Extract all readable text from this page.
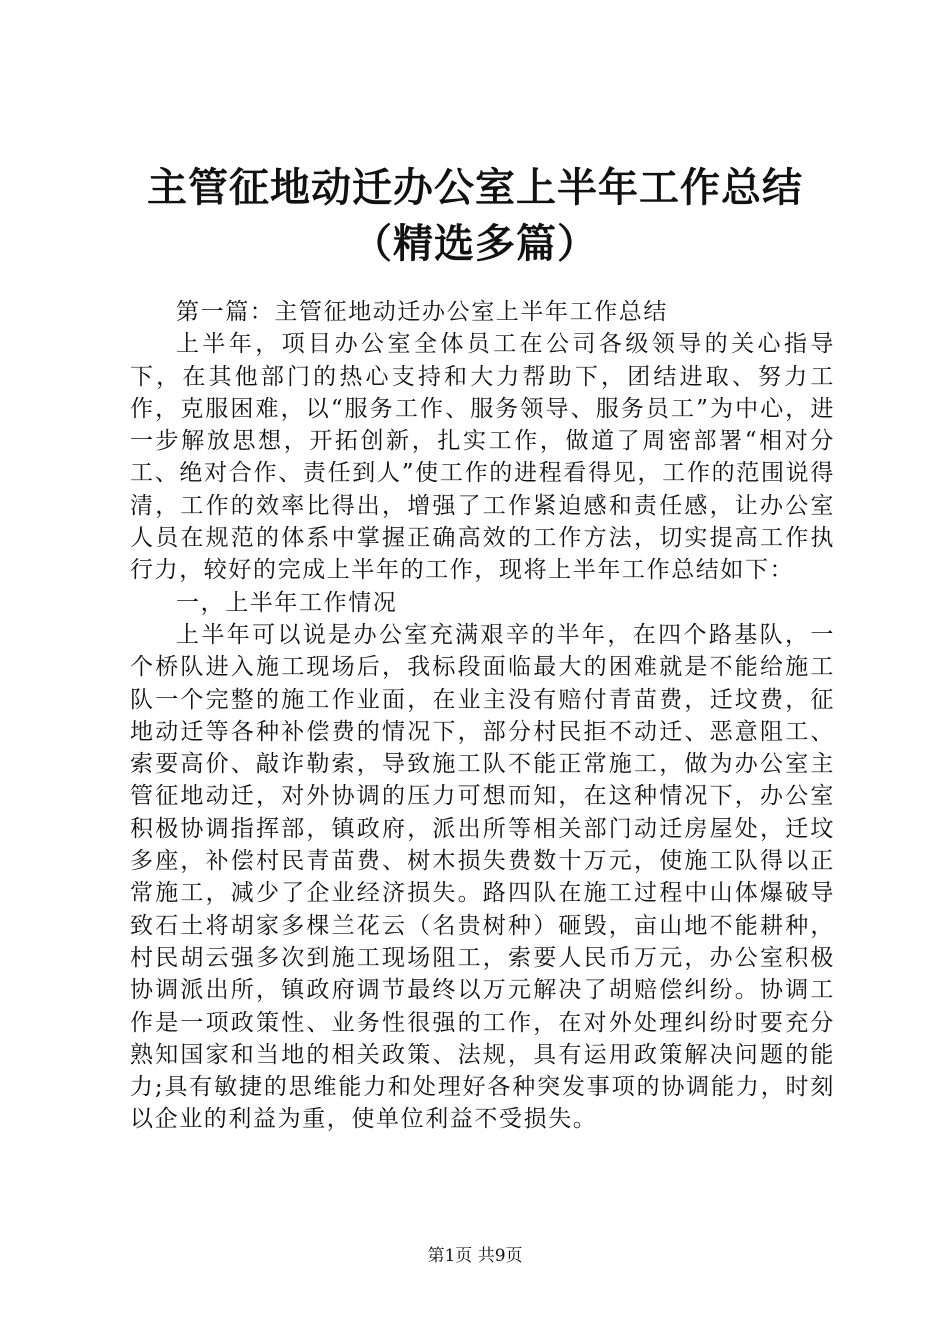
主管征地动迁办公室上半年工作总结（精选多篇）

第一篇：主管征地动迁办公室上半年工作总结

上半年，项目办公室全体员工在公司各级领导的关心指导下，在其他部门的热心支持和大力帮助下，团结进取、努力工作，克服困难，以“服务工作、服务领导、服务员工”为中心，进一步解放思想，开拓创新，扎实工作，做道了周密部署“相对分工、绝对合作、责任到人”使工作的进程看得见，工作的范围说得清，工作的效率比得出，增强了工作紧迫感和责任感，让办公室人员在规范的体系中掌握正确高效的工作方法，切实提高工作执行力，较好的完成上半年的工作，现将上半年工作总结如下：

一，上半年工作情况

上半年可以说是办公室充满艰辛的半年，在四个路基队，一个桥队进入施工现场后，我标段面临最大的困难就是不能给施工队一个完整的施工作业面，在业主没有赔付青苗费，迁坟费，征地动迁等各种补偿费的情况下，部分村民拒不动迁、恶意阻工、索要高价、敲诈勒索，导致施工队不能正常施工，做为办公室主管征地动迁，对外协调的压力可想而知，在这种情况下，办公室积极协调指挥部，镇政府，派出所等相关部门动迁房屋处，迁坟多座，补偿村民青苗费、树木损失费数十万元，使施工队得以正常施工，减少了企业经济损失。路四队在施工过程中山体爆破导致石土将胡家多棵兰花云（名贵树种）砸毁，亩山地不能耕种，村民胡云强多次到施工现场阻工，索要人民币万元，办公室积极协调派出所，镇政府调节最终以万元解决了胡赔偿纠纷。协调工作是一项政策性、业务性很强的工作，在对外处理纠纷时要充分熟知国家和当地的相关政策、法规，具有运用政策解决问题的能力;具有敏捷的思维能力和处理好各种突发事项的协调能力，时刻以企业的利益为重，使单位利益不受损失。

第1页 共9页
